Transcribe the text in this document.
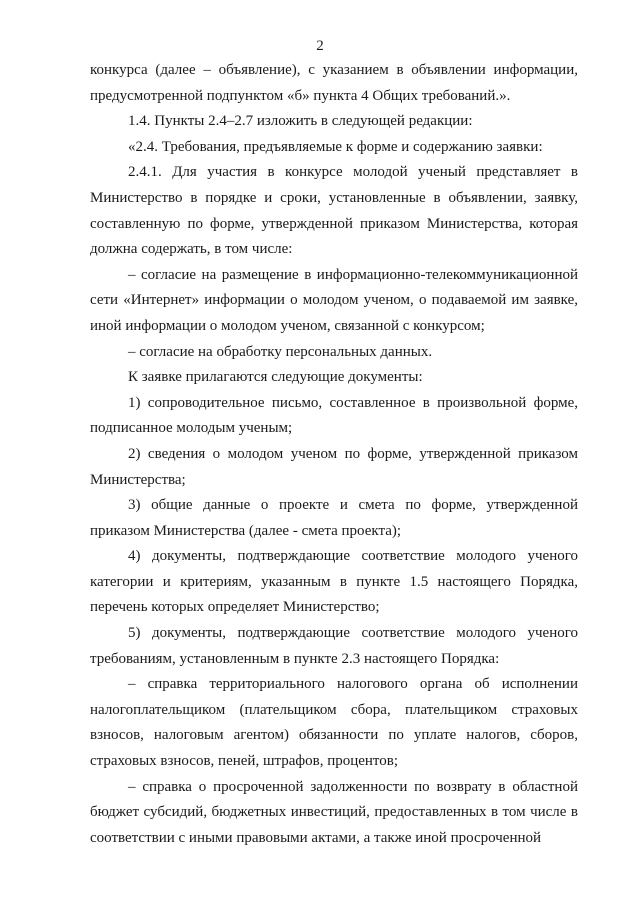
2

конкурса (далее – объявление), с указанием в объявлении информации, предусмотренной подпунктом «б» пункта 4 Общих требований.».

1.4. Пункты 2.4–2.7 изложить в следующей редакции:

«2.4. Требования, предъявляемые к форме и содержанию заявки:

2.4.1. Для участия в конкурсе молодой ученый представляет в Министерство в порядке и сроки, установленные в объявлении, заявку, составленную по форме, утвержденной приказом Министерства, которая должна содержать, в том числе:

– согласие на размещение в информационно-телекоммуникационной сети «Интернет» информации о молодом ученом, о подаваемой им заявке, иной информации о молодом ученом, связанной с конкурсом;

– согласие на обработку персональных данных.

К заявке прилагаются следующие документы:

1) сопроводительное письмо, составленное в произвольной форме, подписанное молодым ученым;

2) сведения о молодом ученом по форме, утвержденной приказом Министерства;

3) общие данные о проекте и смета по форме, утвержденной приказом Министерства (далее - смета проекта);

4) документы, подтверждающие соответствие молодого ученого категории и критериям, указанным в пункте 1.5 настоящего Порядка, перечень которых определяет Министерство;

5) документы, подтверждающие соответствие молодого ученого требованиям, установленным в пункте 2.3 настоящего Порядка:

– справка территориального налогового органа об исполнении налогоплательщиком (плательщиком сбора, плательщиком страховых взносов, налоговым агентом) обязанности по уплате налогов, сборов, страховых взносов, пеней, штрафов, процентов;

– справка о просроченной задолженности по возврату в областной бюджет субсидий, бюджетных инвестиций, предоставленных в том числе в соответствии с иными правовыми актами, а также иной просроченной
